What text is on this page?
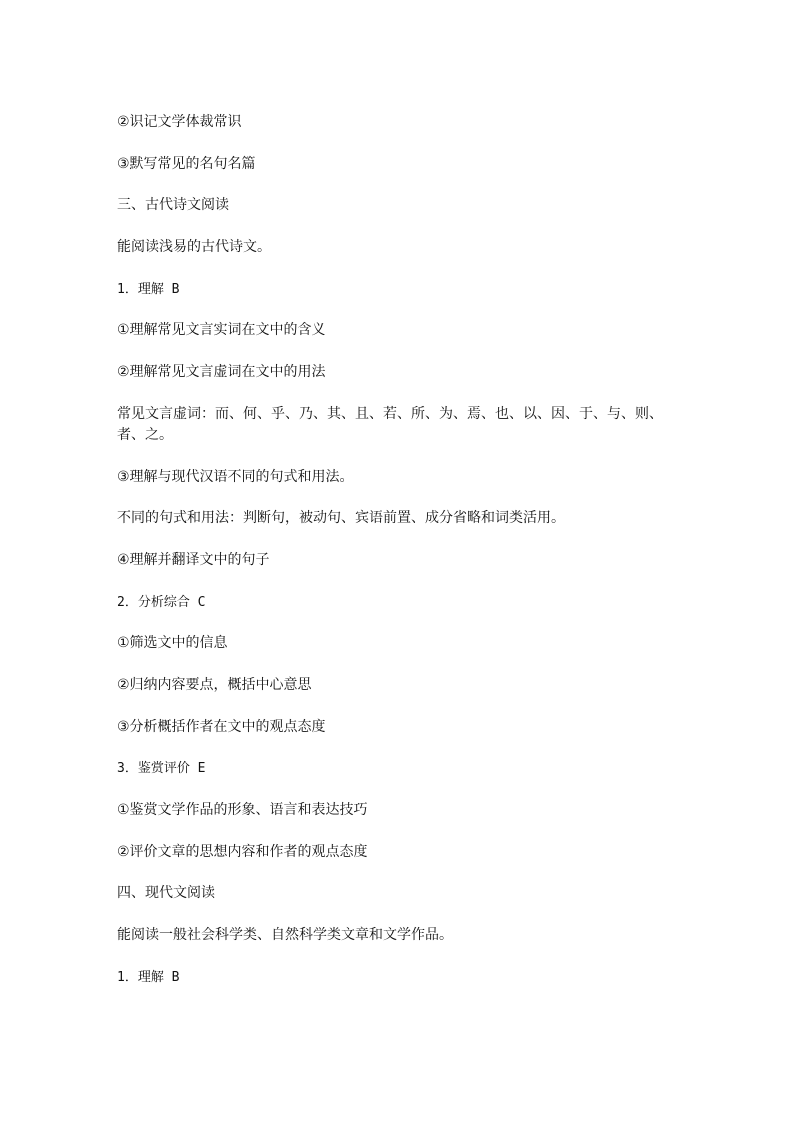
②识记文学体裁常识

③默写常见的名句名篇

三、古代诗文阅读

能阅读浅易的古代诗文。

1．理解 B

①理解常见文言实词在文中的含义

②理解常见文言虚词在文中的用法

常见文言虚词：而、何、乎、乃、其、且、若、所、为、焉、也、以、因、于、与、则、者、之。

③理解与现代汉语不同的句式和用法。

不同的句式和用法：判断句，被动句、宾语前置、成分省略和词类活用。

④理解并翻译文中的句子

2．分析综合 C

①筛选文中的信息

②归纳内容要点，概括中心意思

③分析概括作者在文中的观点态度

3．鉴赏评价 E

①鉴赏文学作品的形象、语言和表达技巧

②评价文章的思想内容和作者的观点态度

四、现代文阅读

能阅读一般社会科学类、自然科学类文章和文学作品。

1．理解 B
